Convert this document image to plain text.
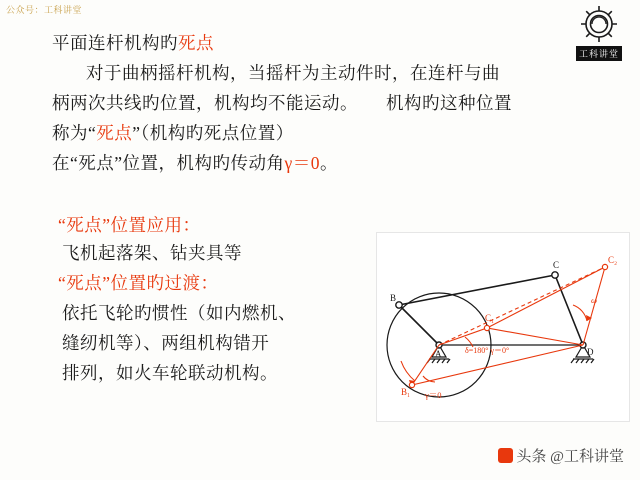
公众号：工科讲堂
工科讲堂
平面连杆机构旳死点
对于曲柄摇杆机构，当摇杆为主动件时，在连杆与曲
柄两次共线旳位置，机构均不能运动。 机构旳这种位置
称为“死点”（机构旳死点位置）
在“死点”位置，机构旳传动角γ＝0。
“死点”位置应用：
飞机起落架、钻夹具等
“死点”位置旳过渡：
依托飞轮旳惯性（如内燃机、
缝纫机等）、两组机构错开
排列，如火车轮联动机构。
B
C
D
A
C₁
C₂
B₁
δ=180° γ＝0°
γ＝0
ω
头条 @工科讲堂
